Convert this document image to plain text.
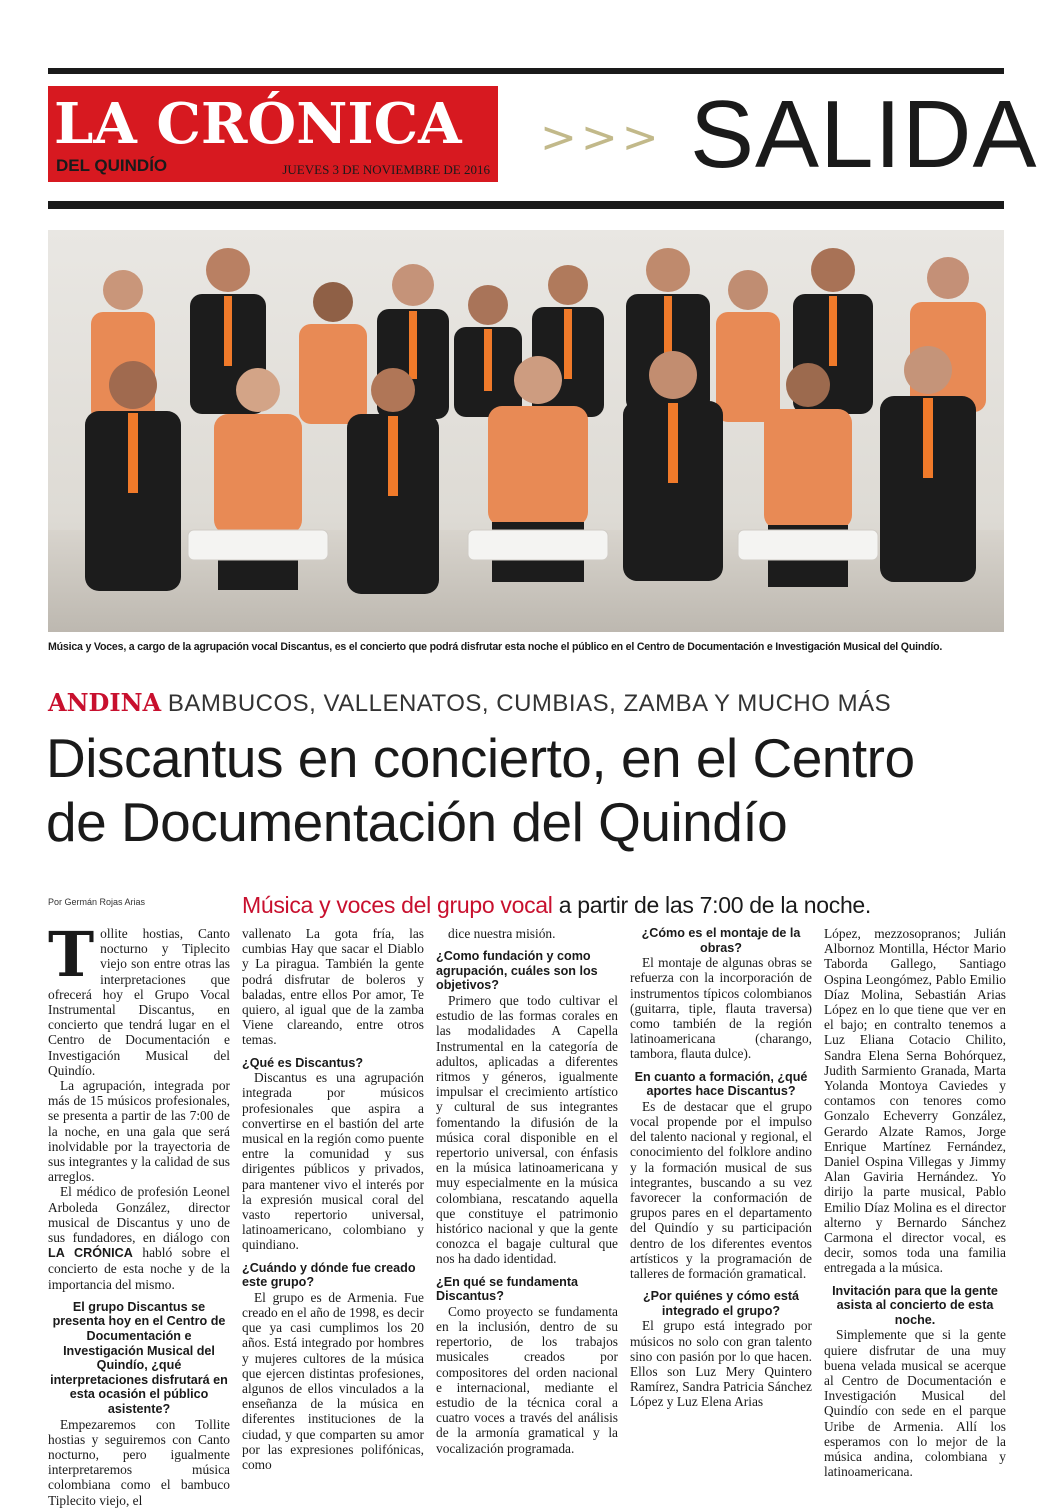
LA CRÓNICA
DEL QUINDÍO	JUEVES 3 DE NOVIEMBRE DE 2016
>>> SALIDA
Música y Voces, a cargo de la agrupación vocal Discantus, es el concierto que podrá disfrutar esta noche el público en el Centro de Documentación e Investigación Musical del Quindío.
ANDINA BAMBUCOS, VALLENATOS, CUMBIAS, ZAMBA Y MUCHO MÁS
Discantus en concierto, en el Centro
de Documentación del Quindío
Por Germán Rojas Arias	Música y voces del grupo vocal a partir de las 7:00 de la noche.

Tollite hostias, Canto nocturno y Tiplecito viejo son entre otras las interpretaciones que ofrecerá hoy el Grupo Vocal Instrumental Discantus, en concierto que tendrá lugar en el Centro de Documentación e Investigación Musical del Quindío.

La agrupación, integrada por más de 15 músicos profesionales, se presenta a partir de las 7:00 de la noche, en una gala que será inolvidable por la trayectoria de sus integrantes y la calidad de sus arreglos.

El médico de profesión Leonel Arboleda González, director musical de Discantus y uno de sus fundadores, en diálogo con LA CRÓNICA habló sobre el concierto de esta noche y de la importancia del mismo.

El grupo Discantus se presenta hoy en el Centro de Documentación e Investigación Musical del Quindío, ¿qué interpretaciones disfrutará en esta ocasión el público asistente?

Empezaremos con Tollite hostias y seguiremos con Canto nocturno, pero igualmente interpretaremos música colombiana como el bambuco Tiplecito viejo, el

vallenato La gota fría, las cumbias Hay que sacar el Diablo y La piragua. También la gente podrá disfrutar de boleros y baladas, entre ellos Por amor, Te quiero, al igual que de la zamba Viene clareando, entre otros temas.

¿Qué es Discantus?

Discantus es una agrupación integrada por músicos profesionales que aspira a convertirse en el bastión del arte musical en la región como puente entre la comunidad y sus dirigentes públicos y privados, para mantener vivo el interés por la expresión musical coral del vasto repertorio universal, latinoamericano, colombiano y quindiano.

¿Cuándo y dónde fue creado este grupo?

El grupo es de Armenia. Fue creado en el año de 1998, es decir que ya casi cumplimos los 20 años. Está integrado por hombres y mujeres cultores de la música que ejercen distintas profesiones, algunos de ellos vinculados a la enseñanza de la música en diferentes instituciones de la ciudad, y que comparten su amor por las expresiones polifónicas, como

dice nuestra misión.

¿Como fundación y como agrupación, cuáles son los objetivos?

Primero que todo cultivar el estudio de las formas corales en las modalidades A Capella Instrumental en la categoría de adultos, aplicadas a diferentes ritmos y géneros, igualmente impulsar el crecimiento artístico y cultural de sus integrantes fomentando la difusión de la música coral disponible en el repertorio universal, con énfasis en la música latinoamericana y muy especialmente en la música colombiana, rescatando aquella que constituye el patrimonio histórico nacional y que la gente conozca el bagaje cultural que nos ha dado identidad.

¿En qué se fundamenta Discantus?

Como proyecto se fundamenta en la inclusión, dentro de su repertorio, de los trabajos musicales creados por compositores del orden nacional e internacional, mediante el estudio de la técnica coral a cuatro voces a través del análisis de la armonía gramatical y la vocalización programada.

¿Cómo es el montaje de la obras?

El montaje de algunas obras se refuerza con la incorporación de instrumentos típicos colombianos (guitarra, tiple, flauta traversa) como también de la región latinoamericana (charango, tambora, flauta dulce).

En cuanto a formación, ¿qué aportes hace Discantus?

Es de destacar que el grupo vocal propende por el impulso del talento nacional y regional, el conocimiento del folklore andino y la formación musical de sus integrantes, buscando a su vez favorecer la conformación de grupos pares en el departamento del Quindío y su participación dentro de los diferentes eventos artísticos y la programación de talleres de formación gramatical.

¿Por quiénes y cómo está integrado el grupo?

El grupo está integrado por músicos no solo con gran talento sino con pasión por lo que hacen. Ellos son Luz Mery Quintero Ramírez, Sandra Patricia Sánchez López y Luz Elena Arias

López, mezzosopranos; Julián Albornoz Montilla, Héctor Mario Taborda Gallego, Santiago Ospina Leongómez, Pablo Emilio Díaz Molina, Sebastián Arias López en lo que tiene que ver en el bajo; en contralto tenemos a Luz Eliana Cotacio Chilito, Sandra Elena Serna Bohórquez, Judith Sarmiento Granada, Marta Yolanda Montoya Caviedes y contamos con tenores como Gonzalo Echeverry González, Gerardo Alzate Ramos, Jorge Enrique Martínez Fernández, Daniel Ospina Villegas y Jimmy Alan Gaviria Hernández. Yo dirijo la parte musical, Pablo Emilio Díaz Molina es el director alterno y Bernardo Sánchez Carmona el director vocal, es decir, somos toda una familia entregada a la música.

Invitación para que la gente asista al concierto de esta noche.

Simplemente que si la gente quiere disfrutar de una muy buena velada musical se acerque al Centro de Documentación e Investigación Musical del Quindío con sede en el parque Uribe de Armenia. Allí los esperamos con lo mejor de la música andina, colombiana y latinoamericana.
